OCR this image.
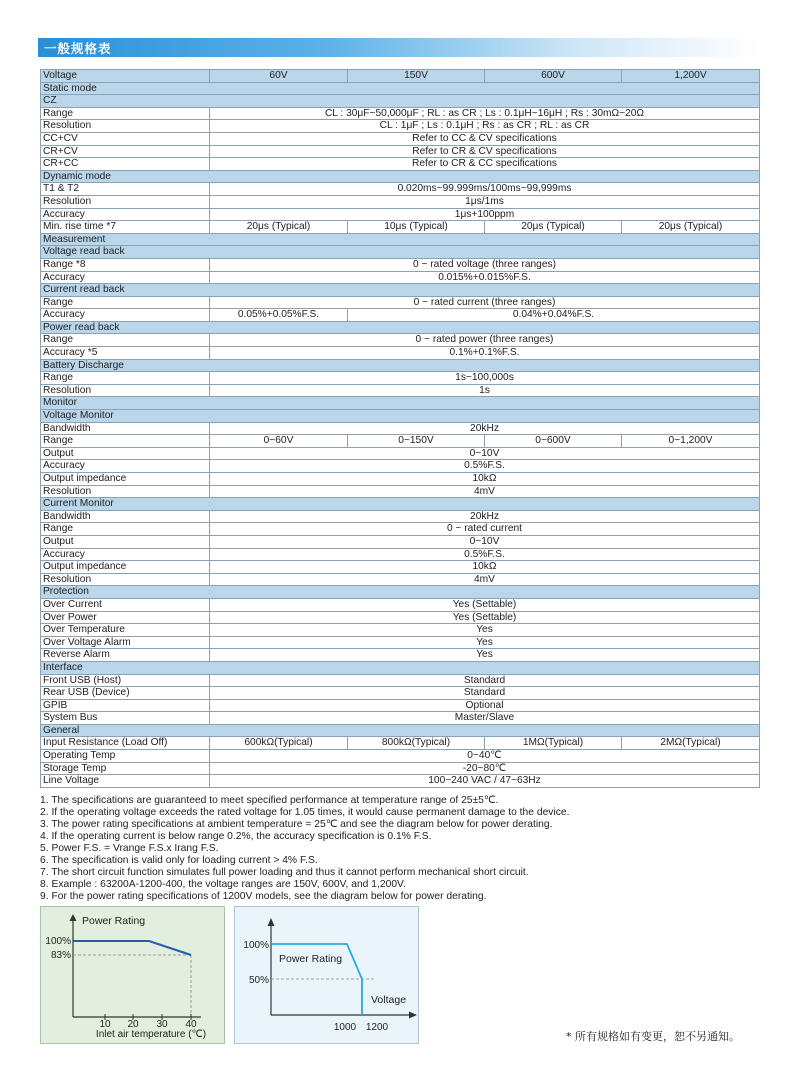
一般规格表
Voltage	60V	150V	600V	1,200V
Static mode				
CZ				
Range	CL : 30μF~50,000μF ; RL : as CR ; Ls : 0.1μH~16μH ; Rs : 30mΩ~20Ω			
Resolution	CL : 1μF ; Ls : 0.1μH ; Rs : as CR ; RL : as CR			
CC+CV	Refer to CC & CV specifications			
CR+CV	Refer to CR & CV specifications			
CR+CC	Refer to CR & CC specifications			
Dynamic mode				
T1 & T2	0.020ms~99.999ms/100ms~99,999ms			
Resolution	1μs/1ms			
Accuracy	1μs+100ppm			
Min. rise time *7	20μs (Typical)	10μs (Typical)	20μs (Typical)	20μs (Typical)
Measurement				
Voltage read back				
Range *8	0 ~ rated voltage (three ranges)			
Accuracy	0.015%+0.015%F.S.			
Current read back				
Range	0 ~ rated current (three ranges)			
Accuracy	0.05%+0.05%F.S.	0.04%+0.04%F.S.		
Power read back				
Range	0 ~ rated power (three ranges)			
Accuracy *5	0.1%+0.1%F.S.			
Battery Discharge				
Range	1s~100,000s			
Resolution	1s			
Monitor				
Voltage Monitor				
Bandwidth	20kHz			
Range	0~60V	0~150V	0~600V	0~1,200V
Output	0~10V			
Accuracy	0.5%F.S.			
Output impedance	10kΩ			
Resolution	4mV			
Current Monitor				
Bandwidth	20kHz			
Range	0 ~ rated current			
Output	0~10V			
Accuracy	0.5%F.S.			
Output impedance	10kΩ			
Resolution	4mV			
Protection				
Over Current	Yes (Settable)			
Over Power	Yes (Settable)			
Over Temperature	Yes			
Over Voltage Alarm	Yes			
Reverse Alarm	Yes			
Interface				
Front USB (Host)	Standard			
Rear USB (Device)	Standard			
GPIB	Optional			
System Bus	Master/Slave			
General				
Input Resistance (Load Off)	600kΩ(Typical)	800kΩ(Typical)	1MΩ(Typical)	2MΩ(Typical)
Operating Temp	0~40℃			
Storage Temp	-20~80℃			
Line Voltage	100~240 VAC / 47~63Hz			
1. The specifications are guaranteed to meet specified performance at temperature range of 25±5℃.
2. If the operating voltage exceeds the rated voltage for 1.05 times, it would cause permanent damage to the device.
3. The power rating specifications at ambient temperature = 25℃ and see the diagram below for power derating.
4. If the operating current is below range 0.2%, the accuracy specification is 0.1% F.S.
5. Power F.S. = Vrange F.S.x Irang F.S.
6. The specification is valid only for loading current > 4% F.S.
7. The short circuit function simulates full power loading and thus it cannot perform mechanical short circuit.
8. Example : 63200A-1200-400, the voltage ranges are 150V, 600V, and 1,200V.
9. For the power rating specifications of 1200V models, see the diagram below for power derating.
Power Rating
100%
83%
10 20 30 40
Inlet air temperature (℃)
Power Rating
100%
50%
Voltage
1000 1200
* 所有规格如有变更，恕不另通知。
